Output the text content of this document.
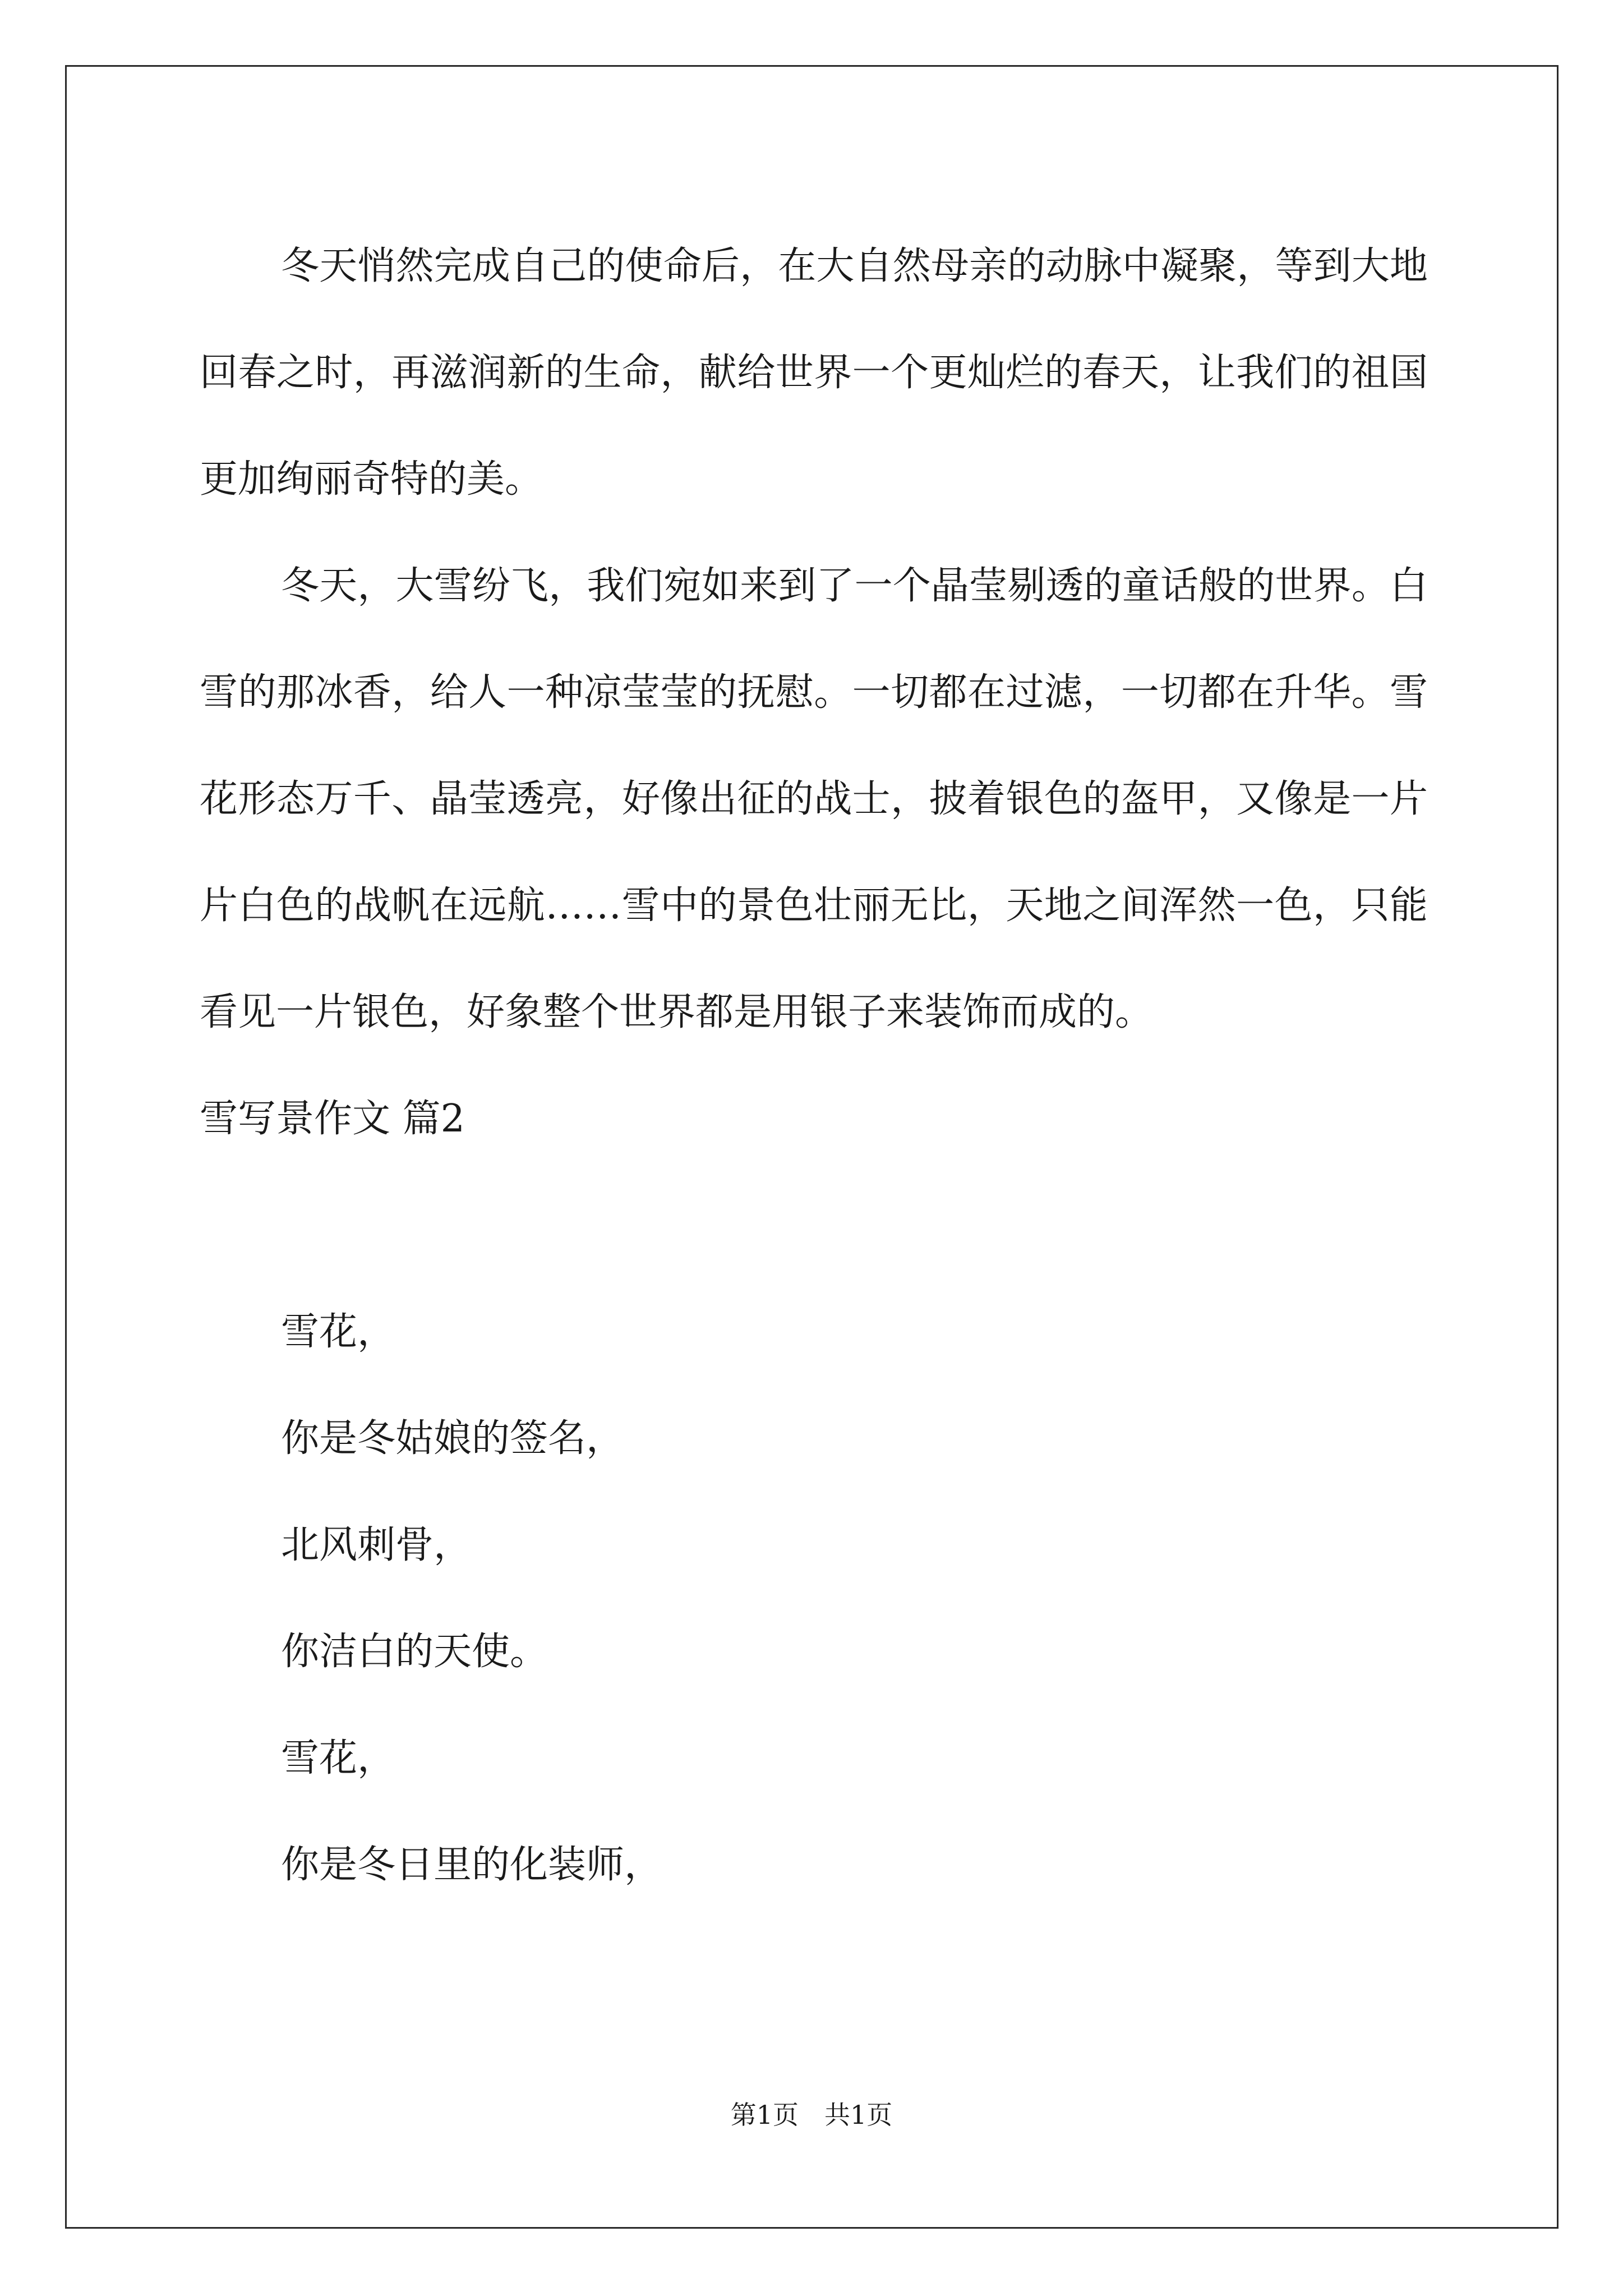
冬天悄然完成自己的使命后，在大自然母亲的动脉中凝聚，等到大地回春之时，再滋润新的生命，献给世界一个更灿烂的春天，让我们的祖国更加绚丽奇特的美。

冬天，大雪纷飞，我们宛如来到了一个晶莹剔透的童话般的世界。白雪的那冰香，给人一种凉莹莹的抚慰。一切都在过滤，一切都在升华。雪花形态万千、晶莹透亮，好像出征的战士，披着银色的盔甲，又像是一片片白色的战帆在远航……雪中的景色壮丽无比，天地之间浑然一色，只能看见一片银色，好象整个世界都是用银子来装饰而成的。

雪写景作文 篇2

雪花，

你是冬姑娘的签名，

北风刺骨，

你洁白的天使。

雪花，

你是冬日里的化装师，

第1页　共1页
